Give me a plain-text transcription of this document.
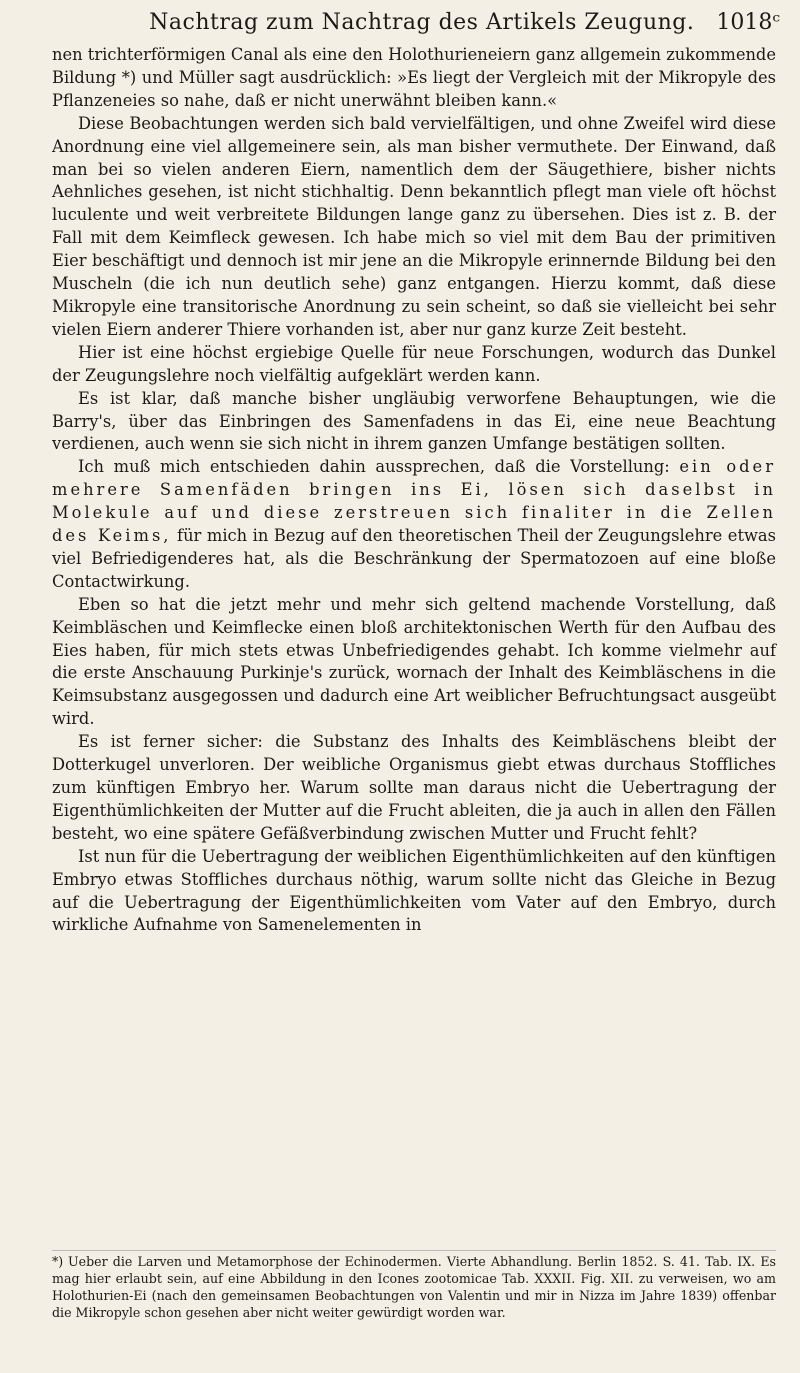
Nachtrag zum Nachtrag des Artikels Zeugung. 1018ᶜ

nen trichterförmigen Canal als eine den Holothurieneiern ganz allgemein zukommende Bildung *) und Müller sagt ausdrücklich: »Es liegt der Vergleich mit der Mikropyle des Pflanzeneies so nahe, daß er nicht unerwähnt bleiben kann.«

Diese Beobachtungen werden sich bald vervielfältigen, und ohne Zweifel wird diese Anordnung eine viel allgemeinere sein, als man bisher vermuthete. Der Einwand, daß man bei so vielen anderen Eiern, namentlich dem der Säugethiere, bisher nichts Aehnliches gesehen, ist nicht stichhaltig. Denn bekanntlich pflegt man viele oft höchst luculente und weit verbreitete Bildungen lange ganz zu übersehen. Dies ist z. B. der Fall mit dem Keimfleck gewesen. Ich habe mich so viel mit dem Bau der primitiven Eier beschäftigt und dennoch ist mir jene an die Mikropyle erinnernde Bildung bei den Muscheln (die ich nun deutlich sehe) ganz entgangen. Hierzu kommt, daß diese Mikropyle eine transitorische Anordnung zu sein scheint, so daß sie vielleicht bei sehr vielen Eiern anderer Thiere vorhanden ist, aber nur ganz kurze Zeit besteht.

Hier ist eine höchst ergiebige Quelle für neue Forschungen, wodurch das Dunkel der Zeugungslehre noch vielfältig aufgeklärt werden kann.

Es ist klar, daß manche bisher ungläubig verworfene Behauptungen, wie die Barry's, über das Einbringen des Samenfadens in das Ei, eine neue Beachtung verdienen, auch wenn sie sich nicht in ihrem ganzen Umfange bestätigen sollten.

Ich muß mich entschieden dahin aussprechen, daß die Vorstellung: ein oder mehrere Samenfäden bringen ins Ei, lösen sich daselbst in Molekule auf und diese zerstreuen sich finaliter in die Zellen des Keims, für mich in Bezug auf den theoretischen Theil der Zeugungslehre etwas viel Befriedigenderes hat, als die Beschränkung der Spermatozoen auf eine bloße Contactwirkung.

Eben so hat die jetzt mehr und mehr sich geltend machende Vorstellung, daß Keimbläschen und Keimflecke einen bloß architektonischen Werth für den Aufbau des Eies haben, für mich stets etwas Unbefriedigendes gehabt. Ich komme vielmehr auf die erste Anschauung Purkinje's zurück, wornach der Inhalt des Keimbläschens in die Keimsubstanz ausgegossen und dadurch eine Art weiblicher Befruchtungsact ausgeübt wird.

Es ist ferner sicher: die Substanz des Inhalts des Keimbläschens bleibt der Dotterkugel unverloren. Der weibliche Organismus giebt etwas durchaus Stoffliches zum künftigen Embryo her. Warum sollte man daraus nicht die Uebertragung der Eigenthümlichkeiten der Mutter auf die Frucht ableiten, die ja auch in allen den Fällen besteht, wo eine spätere Gefäßverbindung zwischen Mutter und Frucht fehlt?

Ist nun für die Uebertragung der weiblichen Eigenthümlichkeiten auf den künftigen Embryo etwas Stoffliches durchaus nöthig, warum sollte nicht das Gleiche in Bezug auf die Uebertragung der Eigenthümlichkeiten vom Vater auf den Embryo, durch wirkliche Aufnahme von Samenelementen in

*) Ueber die Larven und Metamorphose der Echinodermen. Vierte Abhandlung. Berlin 1852. S. 41. Tab. IX. Es mag hier erlaubt sein, auf eine Abbildung in den Icones zootomicae Tab. XXXII. Fig. XII. zu verweisen, wo am Holothurien-Ei (nach den gemeinsamen Beobachtungen von Valentin und mir in Nizza im Jahre 1839) offenbar die Mikropyle schon gesehen aber nicht weiter gewürdigt worden war.
